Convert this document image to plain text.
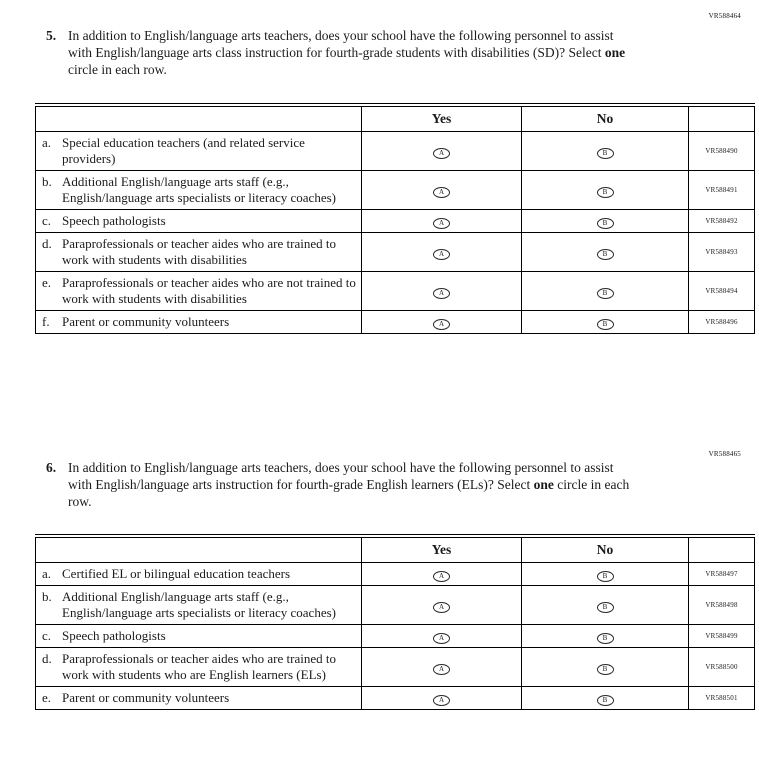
VR588464
5. In addition to English/language arts teachers, does your school have the following personnel to assist with English/language arts class instruction for fourth-grade students with disabilities (SD)? Select one circle in each row.
	Yes	No	

a. Special education teachers (and related service providers)	A	B	VR588490

b. Additional English/language arts staff (e.g., English/language arts specialists or literacy coaches)	A	B	VR588491

c. Speech pathologists	A	B	VR588492

d. Paraprofessionals or teacher aides who are trained to work with students with disabilities	A	B	VR588493

e. Paraprofessionals or teacher aides who are not trained to work with students with disabilities	A	B	VR588494

f. Parent or community volunteers	A	B	VR588496
VR588465
6. In addition to English/language arts teachers, does your school have the following personnel to assist with English/language arts instruction for fourth-grade English learners (ELs)? Select one circle in each row.
	Yes	No	

a. Certified EL or bilingual education teachers	A	B	VR588497

b. Additional English/language arts staff (e.g., English/language arts specialists or literacy coaches)	A	B	VR588498

c. Speech pathologists	A	B	VR588499

d. Paraprofessionals or teacher aides who are trained to work with students who are English learners (ELs)	A	B	VR588500

e. Parent or community volunteers	A	B	VR588501
